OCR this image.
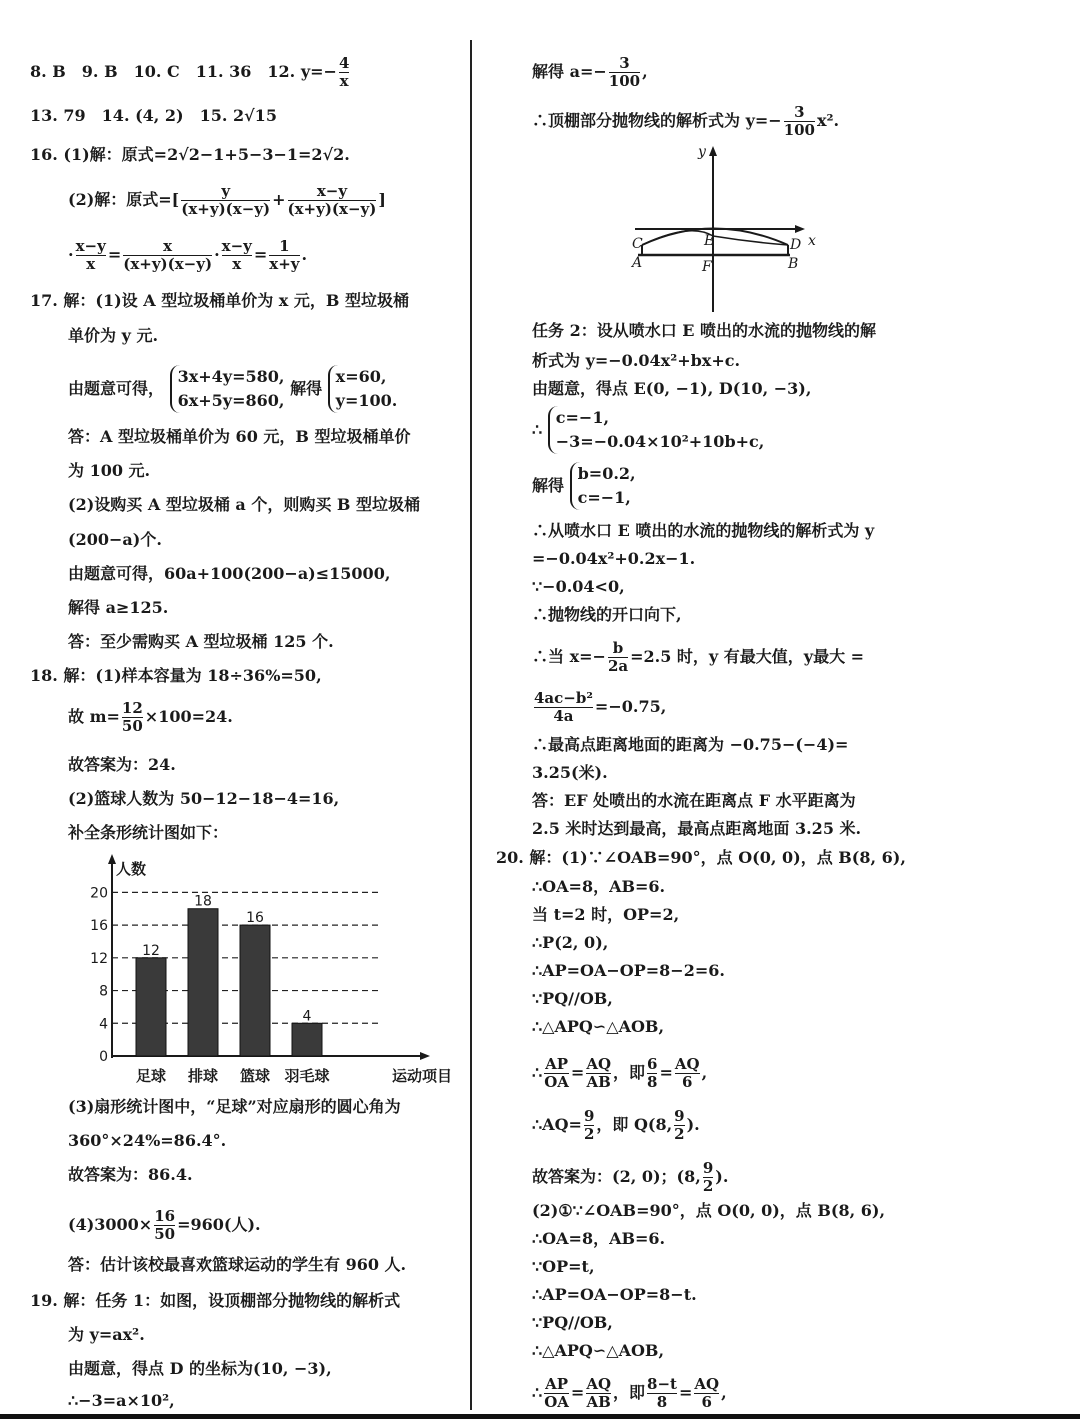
8. B　9. B　10. C　11. 36　12. $y=- \frac{4}{x}$
13. 79　14. (4, 2)　15. 2√15
16. (1)解：原式=2√2−1+5−3−1=2√2.
(2)解：原式=[ $\frac{y}{(x+y)(x-y)} + \frac{x-y}{(x+y)(x-y)}$ ]
· $\frac{x-y}{x} = \frac{x}{(x+y)(x-y)} \cdot \frac{x-y}{x} = \frac{1}{x+y}$ .
17. 解：(1)设 A 型垃圾桶单价为 x 元，B 型垃圾桶
单价为 y 元.
由题意可得，
3x+4y=580,
6x+5y=860,
解得
x=60,
y=100.
答：A 型垃圾桶单价为 60 元，B 型垃圾桶单价
为 100 元.
(2)设购买 A 型垃圾桶 a 个，则购买 B 型垃圾桶
(200−a)个.
由题意可得，60a+100(200−a)≤15000,
解得 a≥125.
答：至少需购买 A 型垃圾桶 125 个.
18. 解：(1)样本容量为 18÷36%=50,
故 $m= \frac{12}{50} \times 100=24$.
故答案为：24.
(2)篮球人数为 50−12−18−4=16,
补全条形统计图如下：
0
4
8
12
16
20
人数
运动项目
12
足球
18
排球
16
篮球
4
羽毛球
(3)扇形统计图中，“足球”对应扇形的圆心角为
360°×24%=86.4°.
故答案为：86.4.
$(4)3000\times \frac{16}{50} =960$(人).
答：估计该校最喜欢篮球运动的学生有 960 人.
19. 解：任务 1：如图，设顶棚部分抛物线的解析式
为 y=ax².
由题意，得点 D 的坐标为(10, −3),
∴−3=a×10²,
解得 $a=- \frac{3}{100}$ ,
∴顶棚部分抛物线的解析式为 $y=- \frac{3}{100} x^2$.
y
x
C	E	D
A	F	B
任务 2：设从喷水口 E 喷出的水流的抛物线的解
析式为 y=−0.04x²+bx+c.
由题意，得点 E(0, −1), D(10, −3),
∴
c=−1,
−3=−0.04×10²+10b+c,
解得
b=0.2,
c=−1,
∴从喷水口 E 喷出的水流的抛物线的解析式为 y
=−0.04x²+0.2x−1.
∵−0.04<0,
∴抛物线的开口向下,
∴当 $x=- \frac{b}{2a} =2.5$ 时，y 有最大值，y最大 =
$\frac{\text{4ac−b²}}{4a} =-0.75$,
∴最高点距离地面的距离为 −0.75−(−4)=
3.25(米).
答：EF 处喷出的水流在距离点 F 水平距离为
2.5 米时达到最高，最高点距离地面 3.25 米.
20. 解：(1)∵∠OAB=90°，点 O(0, 0)，点 B(8, 6),
∴OA=8，AB=6.
当 t=2 时，OP=2,
∴P(2, 0),
∴AP=OA−OP=8−2=6.
∵PQ//OB,
∴△APQ∽△AOB,
∴ $\frac{AP}{OA} = \frac{AQ}{AB}$ ，即 $\frac{6}{8} = \frac{AQ}{6}$ ,
∴AQ= $\frac{9}{2}$ ，即 Q(8, $\frac{9}{2}$ ).
故答案为：(2, 0)；(8, $\frac{9}{2}$ ).
(2)①∵∠OAB=90°，点 O(0, 0)，点 B(8, 6),
∴OA=8，AB=6.
∵OP=t,
∴AP=OA−OP=8−t.
∵PQ//OB,
∴△APQ∽△AOB,
∴ $\frac{AP}{OA} = \frac{AQ}{AB}$ ，即 $\frac{8-t}{8} = \frac{AQ}{6}$ ,
